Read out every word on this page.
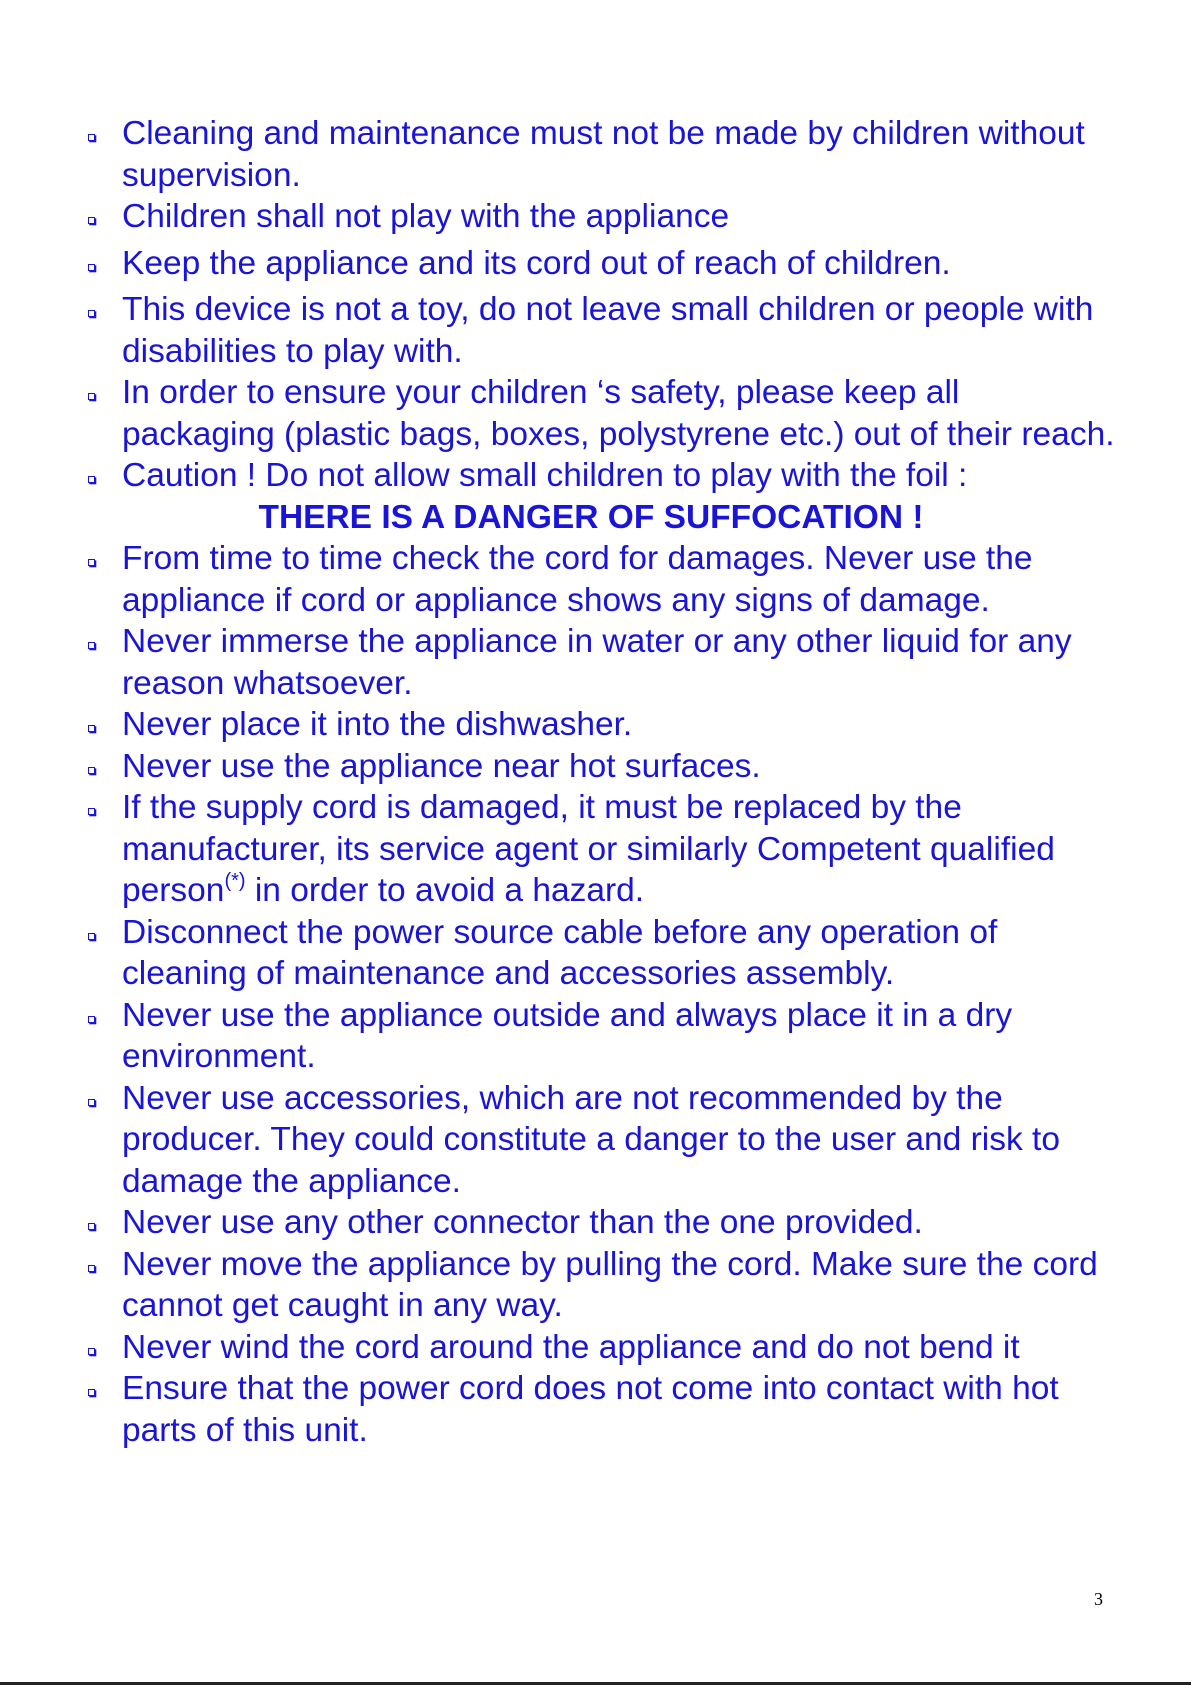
Cleaning and maintenance must not be made by children without supervision.
Children shall not play with the appliance
Keep the appliance and its cord out of reach of children.
This device is not a toy, do not leave small children or people with disabilities to play with.
In order to ensure your children ‘s safety, please keep all packaging (plastic bags, boxes, polystyrene etc.) out of their reach.
Caution ! Do not allow small children to play with the foil :
THERE IS A DANGER OF SUFFOCATION !
From time to time check the cord for damages. Never use the appliance if cord or appliance shows any signs of damage.
Never immerse the appliance in water or any other liquid for any reason whatsoever.
Never place it into the dishwasher.
Never use the appliance near hot surfaces.
If the supply cord is damaged, it must be replaced by the manufacturer, its service agent or similarly Competent qualified person(*) in order to avoid a hazard.
Disconnect the power source cable before any operation of cleaning of maintenance and accessories assembly.
Never use the appliance outside and always place it in a dry environment.
Never use accessories, which are not recommended by the producer. They could constitute a danger to the user and risk to damage the appliance.
Never use any other connector than the one provided.
Never move the appliance by pulling the cord. Make sure the cord cannot get caught in any way.
Never wind the cord around the appliance and do not bend it
Ensure that the power cord does not come into contact with hot parts of this unit.
3
